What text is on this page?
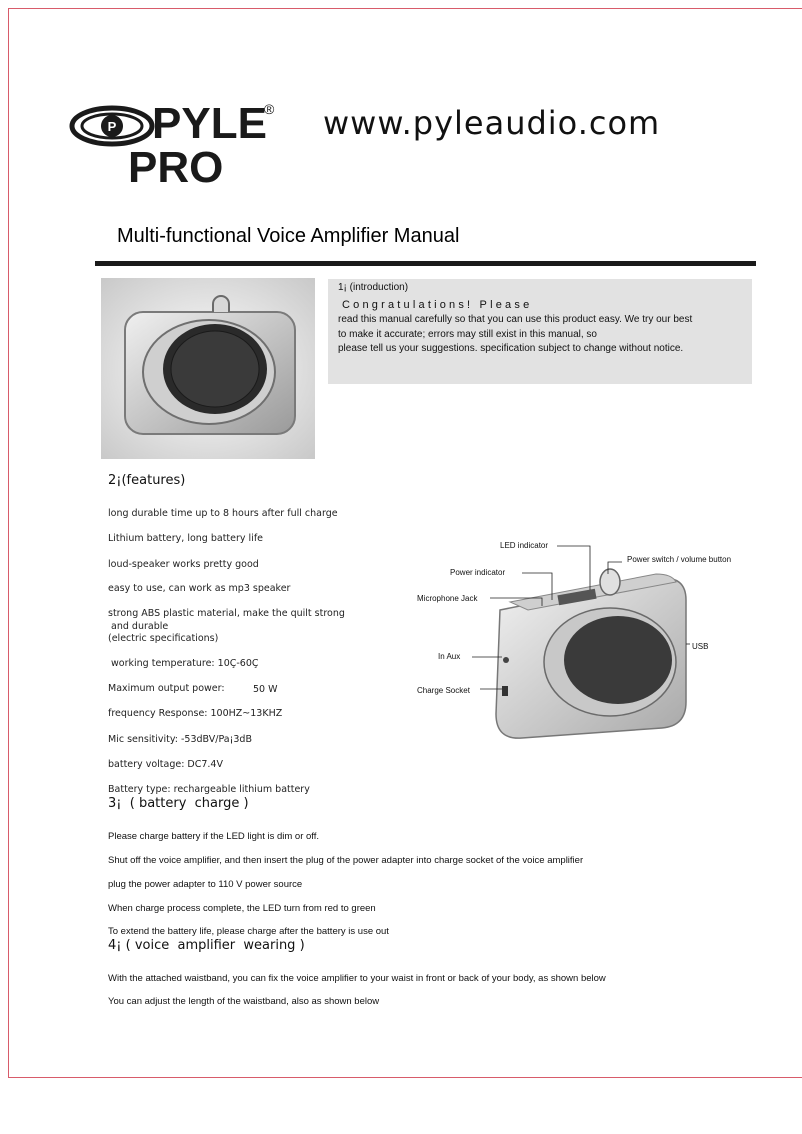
P PYLE
PRO
® www.pyleaudio.com
Multi-functional Voice Amplifier Manual
1¡ (introduction)
Congratulations! Please
read this manual carefully so that you can use this product easy. We try our best
to make it accurate; errors may still exist in this manual, so
please tell us your suggestions. specification subject to change without notice.
2¡(features)
long durable time up to 8 hours after full charge
Lithium battery, long battery life
loud-speaker works pretty good
easy to use, can work as mp3 speaker
strong ABS plastic material, make the quilt strong
and durable
(electric specifications)
working temperature: 10Ç-60Ç
Maximum output power:	50 W
frequency Response: 100HZ~13KHZ
Mic sensitivity: -53dBV/Pa¡3dB
battery voltage: DC7.4V
Battery type: rechargeable lithium battery
LED indicator
Power switch / volume button
Power indicator
Microphone Jack
USB
In Aux
Charge Socket
3¡  ( battery  charge )
Please charge battery if the LED light is dim or off.
Shut off the voice amplifier, and then insert the plug of the power adapter into charge socket of the voice amplifier
plug the power adapter to 110 V power source
When charge process complete, the LED turn from red to green
To extend the battery life, please charge after the battery is use out
4¡ ( voice  amplifier  wearing )
With the attached waistband, you can fix the voice amplifier to your waist in front or back of your body, as shown below
You can adjust the length of the waistband, also as shown below
